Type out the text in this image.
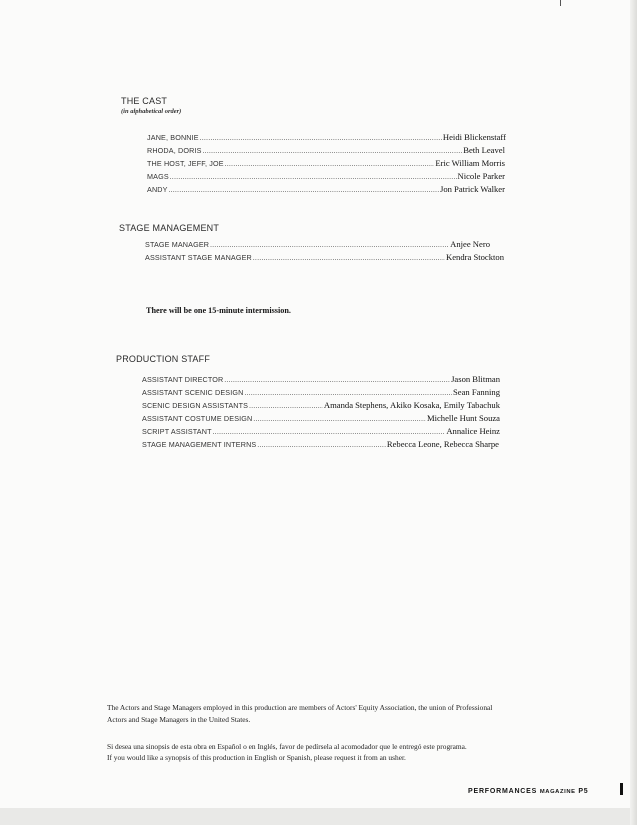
THE CAST
(in alphabetical order)
JANE, BONNIE .....	Heidi Blickenstaff
RHODA, DORIS .....	Beth Leavel
THE HOST, JEFF, JOE .....	Eric William Morris
MAGS .....	Nicole Parker
ANDY .....	Jon Patrick Walker
STAGE MANAGEMENT
STAGE MANAGER .....	Anjee Nero
ASSISTANT STAGE MANAGER .....	Kendra Stockton
There will be one 15-minute intermission.
PRODUCTION STAFF
ASSISTANT DIRECTOR .....	Jason Blitman
ASSISTANT SCENIC DESIGN .....	Sean Fanning
SCENIC DESIGN ASSISTANTS .....	Amanda Stephens, Akiko Kosaka, Emily Tabachuk
ASSISTANT COSTUME DESIGN .....	Michelle Hunt Souza
SCRIPT ASSISTANT .....	Annalice Heinz
STAGE MANAGEMENT INTERNS .....	Rebecca Leone, Rebecca Sharpe
The Actors and Stage Managers employed in this production are members of Actors' Equity Association, the union of Professional
Actors and Stage Managers in the United States.
Si desea una sinopsis de esta obra en Español o en Inglés, favor de pedírsela al acomodador que le entregó este programa.
If you would like a synopsis of this production in English or Spanish, please request it from an usher.
PERFORMANCES MAGAZINE P5
